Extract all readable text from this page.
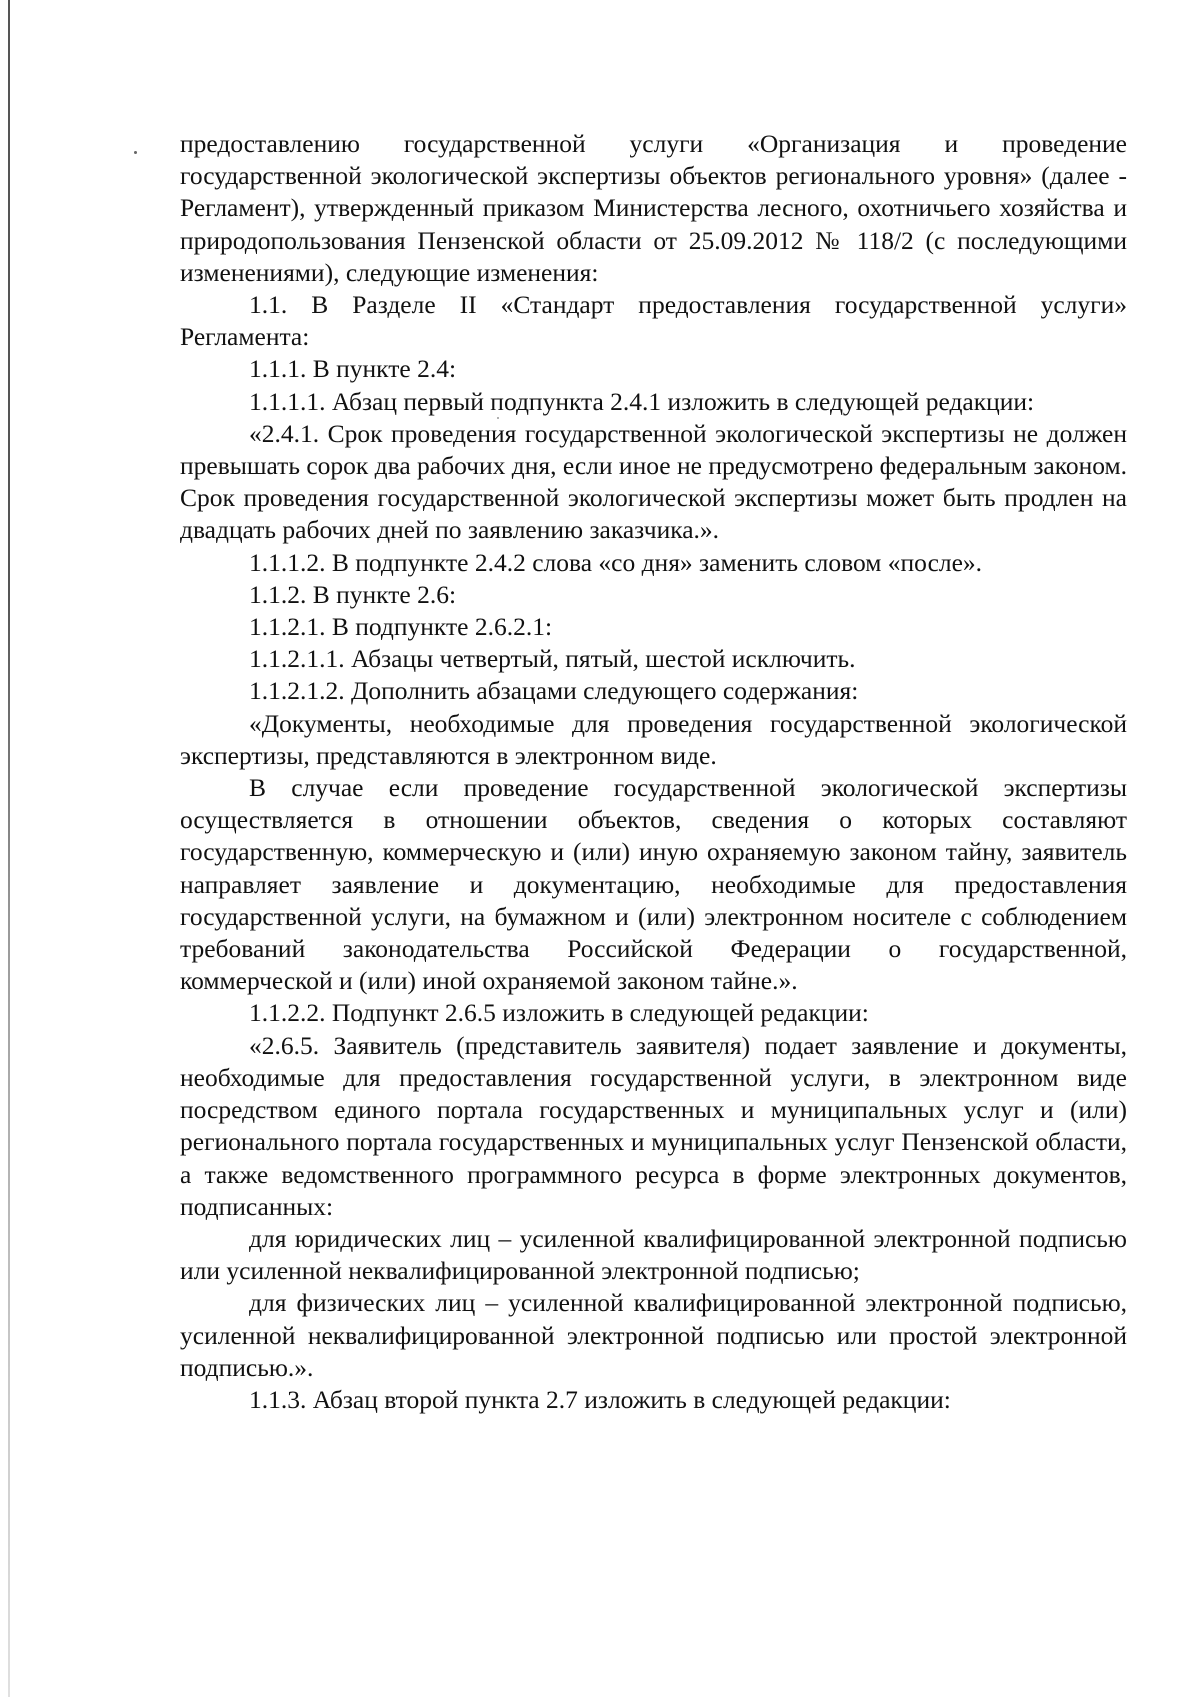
предоставлению государственной услуги «Организация и проведение государственной экологической экспертизы объектов регионального уровня» (далее - Регламент), утвержденный приказом Министерства лесного, охотничьего хозяйства и природопользования Пензенской области от 25.09.2012 № 118/2 (с последующими изменениями), следующие изменения:

1.1. В Разделе II «Стандарт предоставления государственной услуги» Регламента:

1.1.1. В пункте 2.4:

1.1.1.1. Абзац первый подпункта 2.4.1 изложить в следующей редакции:

«2.4.1. Срок проведения государственной экологической экспертизы не должен превышать сорок два рабочих дня, если иное не предусмотрено федеральным законом. Срок проведения государственной экологической экспертизы может быть продлен на двадцать рабочих дней по заявлению заказчика.».

1.1.1.2. В подпункте 2.4.2 слова «со дня» заменить словом «после».

1.1.2. В пункте 2.6:

1.1.2.1. В подпункте 2.6.2.1:

1.1.2.1.1. Абзацы четвертый, пятый, шестой исключить.

1.1.2.1.2. Дополнить абзацами следующего содержания:

«Документы, необходимые для проведения государственной экологической экспертизы, представляются в электронном виде.

В случае если проведение государственной экологической экспертизы осуществляется в отношении объектов, сведения о которых составляют государственную, коммерческую и (или) иную охраняемую законом тайну, заявитель направляет заявление и документацию, необходимые для предоставления государственной услуги, на бумажном и (или) электронном носителе с соблюдением требований законодательства Российской Федерации о государственной, коммерческой и (или) иной охраняемой законом тайне.».

1.1.2.2. Подпункт 2.6.5 изложить в следующей редакции:

«2.6.5. Заявитель (представитель заявителя) подает заявление и документы, необходимые для предоставления государственной услуги, в электронном виде посредством единого портала государственных и муниципальных услуг и (или) регионального портала государственных и муниципальных услуг Пензенской области, а также ведомственного программного ресурса в форме электронных документов, подписанных:

для юридических лиц – усиленной квалифицированной электронной подписью или усиленной неквалифицированной электронной подписью;

для физических лиц – усиленной квалифицированной электронной подписью, усиленной неквалифицированной электронной подписью или простой электронной подписью.».

1.1.3. Абзац второй пункта 2.7 изложить в следующей редакции:
